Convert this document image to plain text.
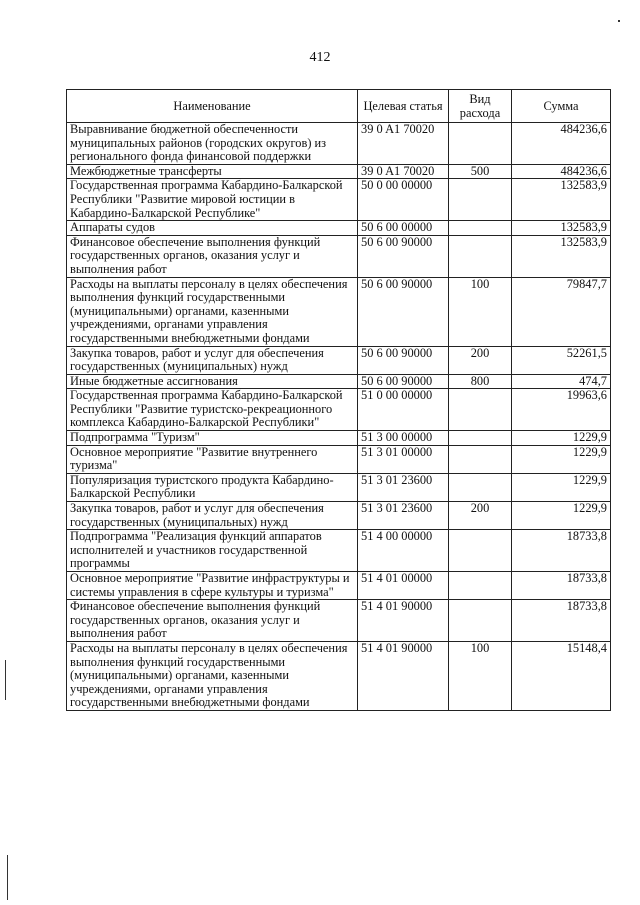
412
Наименование	Целевая статья	Вид расхода	Сумма
Выравнивание бюджетной обеспеченности муниципальных районов (городских округов) из регионального фонда финансовой поддержки	39 0 A1 70020		484236,6
Межбюджетные трансферты	39 0 A1 70020	500	484236,6
Государственная программа Кабардино-Балкарской Республики "Развитие мировой юстиции в Кабардино-Балкарской Республике"	50 0 00 00000		132583,9
Аппараты судов	50 6 00 00000		132583,9
Финансовое обеспечение выполнения функций государственных органов, оказания услуг и выполнения работ	50 6 00 90000		132583,9
Расходы на выплаты персоналу в целях обеспечения выполнения функций государственными (муниципальными) органами, казенными учреждениями, органами управления государственными внебюджетными фондами	50 6 00 90000	100	79847,7
Закупка товаров, работ и услуг для обеспечения государственных (муниципальных) нужд	50 6 00 90000	200	52261,5
Иные бюджетные ассигнования	50 6 00 90000	800	474,7
Государственная программа Кабардино-Балкарской Республики "Развитие туристско-рекреационного комплекса Кабардино-Балкарской Республики"	51 0 00 00000		19963,6
Подпрограмма "Туризм"	51 3 00 00000		1229,9
Основное мероприятие "Развитие внутреннего туризма"	51 3 01 00000		1229,9
Популяризация туристского продукта Кабардино-Балкарской Республики	51 3 01 23600		1229,9
Закупка товаров, работ и услуг для обеспечения государственных (муниципальных) нужд	51 3 01 23600	200	1229,9
Подпрограмма "Реализация функций аппаратов исполнителей и участников государственной программы	51 4 00 00000		18733,8
Основное мероприятие "Развитие инфраструктуры и системы управления в сфере культуры и туризма"	51 4 01 00000		18733,8
Финансовое обеспечение выполнения функций государственных органов, оказания услуг и выполнения работ	51 4 01 90000		18733,8
Расходы на выплаты персоналу в целях обеспечения выполнения функций государственными (муниципальными) органами, казенными учреждениями, органами управления государственными внебюджетными фондами	51 4 01 90000	100	15148,4
